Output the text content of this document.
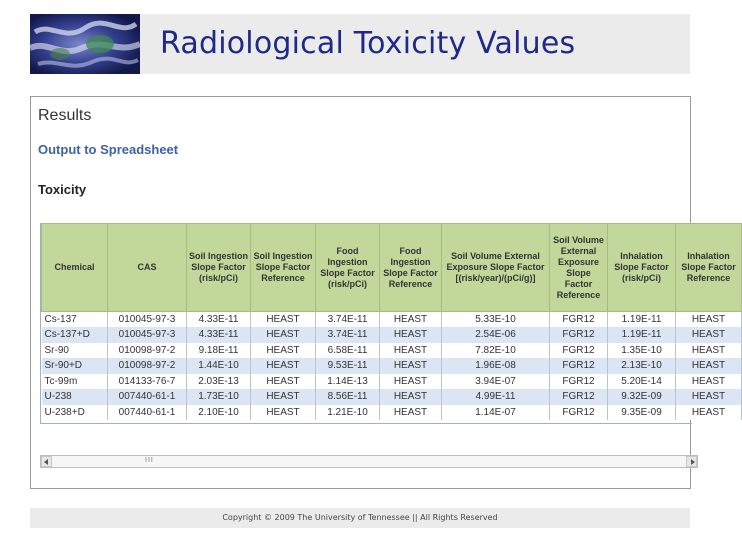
Radiological Toxicity Values
Results
Output to Spreadsheet
Toxicity
Chemical	CAS	Soil Ingestion Slope Factor (risk/pCi)	Soil Ingestion Slope Factor Reference	Food Ingestion Slope Factor (risk/pCi)	Food Ingestion Slope Factor Reference	Soil Volume External Exposure Slope Factor [(risk/year)/(pCi/g)]	Soil Volume External Exposure Slope Factor Reference	Inhalation Slope Factor (risk/pCi)	Inhalation Slope Factor Reference
Cs-137	010045-97-3	4.33E-11	HEAST	3.74E-11	HEAST	5.33E-10	FGR12	1.19E-11	HEAST
Cs-137+D	010045-97-3	4.33E-11	HEAST	3.74E-11	HEAST	2.54E-06	FGR12	1.19E-11	HEAST
Sr-90	010098-97-2	9.18E-11	HEAST	6.58E-11	HEAST	7.82E-10	FGR12	1.35E-10	HEAST
Sr-90+D	010098-97-2	1.44E-10	HEAST	9.53E-11	HEAST	1.96E-08	FGR12	2.13E-10	HEAST
Tc-99m	014133-76-7	2.03E-13	HEAST	1.14E-13	HEAST	3.94E-07	FGR12	5.20E-14	HEAST
U-238	007440-61-1	1.73E-10	HEAST	8.56E-11	HEAST	4.99E-11	FGR12	9.32E-09	HEAST
U-238+D	007440-61-1	2.10E-10	HEAST	1.21E-10	HEAST	1.14E-07	FGR12	9.35E-09	HEAST
III
Copyright © 2009 The University of Tennessee || All Rights Reserved
